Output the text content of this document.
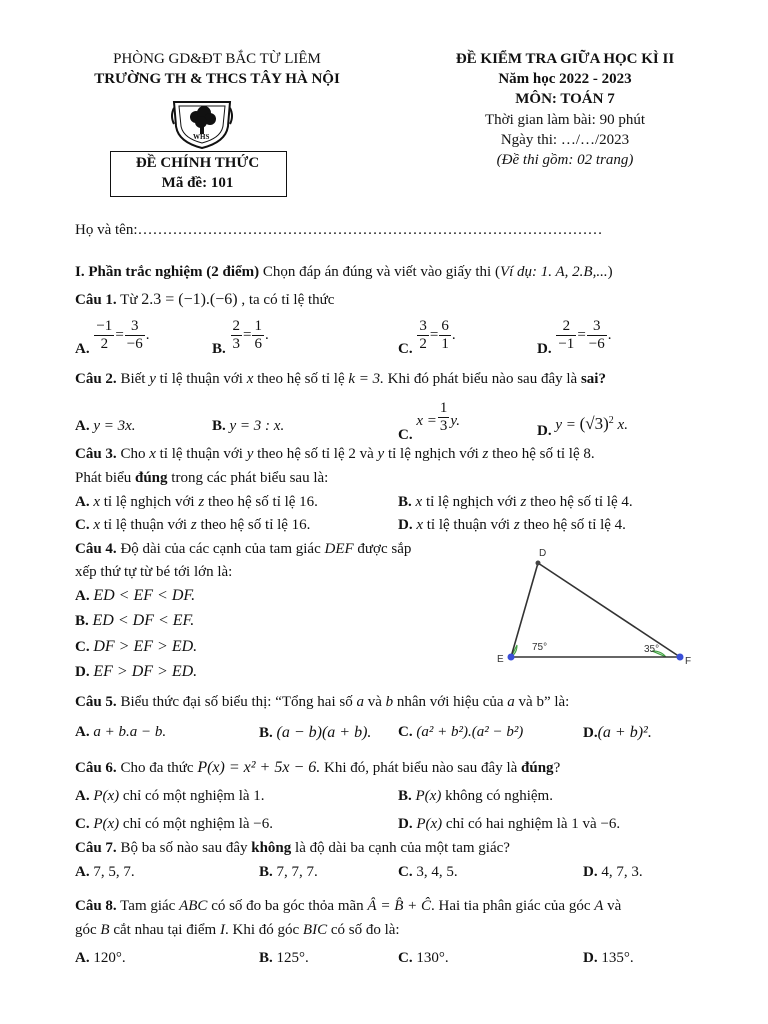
PHÒNG GD&ĐT BẮC TỪ LIÊM
TRƯỜNG TH & THCS TÂY HÀ NỘI
WHS
ĐỀ CHÍNH THỨC
Mã đề: 101
ĐỀ KIỂM TRA GIỮA HỌC KÌ II
Năm học 2022 - 2023
MÔN: TOÁN 7
Thời gian làm bài: 90 phút
Ngày thi: …/…/2023
(Đề thi gồm: 02 trang)
Họ và tên:…………………………………………………………………………………
I. Phần trắc nghiệm (2 điểm) Chọn đáp án đúng và viết vào giấy thi (Ví dụ: 1. A, 2.B,...)
Câu 1. Từ 2.3 = (−1).(−6) , ta có tỉ lệ thức
A. $\frac{-1}{2} = \frac{3}{-6}$ .
B. $\frac{2}{3} = \frac{1}{6}$ .
C. $\frac{3}{2} = \frac{6}{1}$ .
D. $\frac{2}{-1} = \frac{3}{-6}$ .
Câu 2. Biết y tỉ lệ thuận với x theo hệ số tỉ lệ k = 3. Khi đó phát biểu nào sau đây là sai?
A. y = 3x.	B. y = 3 : x.
C. $x = \frac{1}{3} y$.
D. $y = (√3)^2$ x.
Câu 3. Cho x tỉ lệ thuận với y theo hệ số tỉ lệ 2 và y tỉ lệ nghịch với z theo hệ số tỉ lệ 8.
Phát biểu đúng trong các phát biểu sau là:
A. x tỉ lệ nghịch với z theo hệ số tỉ lệ 16.	B. x tỉ lệ nghịch với z theo hệ số tỉ lệ 4.
C. x tỉ lệ thuận với z theo hệ số tỉ lệ 16.	D. x tỉ lệ thuận với z theo hệ số tỉ lệ 4.
Câu 4. Độ dài của các cạnh của tam giác DEF được sắp
xếp thứ tự từ bé tới lớn là:
A. ED < EF < DF.
B. ED < DF < EF.
C. DF > EF > ED.
D. EF > DF > ED.
D
E	F
75°	35°
Câu 5. Biểu thức đại số biểu thị: “Tổng hai số a và b nhân với hiệu của a và b” là:
A. a + b.a − b.	B. (a − b)(a + b). C. (a² + b²).(a² − b²)	D.(a + b)².
Câu 6. Cho đa thức P(x) = x² + 5x − 6. Khi đó, phát biểu nào sau đây là đúng?
A. P(x) chỉ có một nghiệm là 1.	B. P(x) không có nghiệm.
C. P(x) chỉ có một nghiệm là −6.	D. P(x) chỉ có hai nghiệm là 1 và −6.
Câu 7. Bộ ba số nào sau đây không là độ dài ba cạnh của một tam giác?
A. 7, 5, 7.	B. 7, 7, 7.	C. 3, 4, 5.	D. 4, 7, 3.
Câu 8. Tam giác ABC có số đo ba góc thỏa mãn Â = B̂ + Ĉ. Hai tia phân giác của góc A và
góc B cắt nhau tại điểm I. Khi đó góc BIC có số đo là:
A. 120°.	B. 125°.	C. 130°.	D. 135°.
